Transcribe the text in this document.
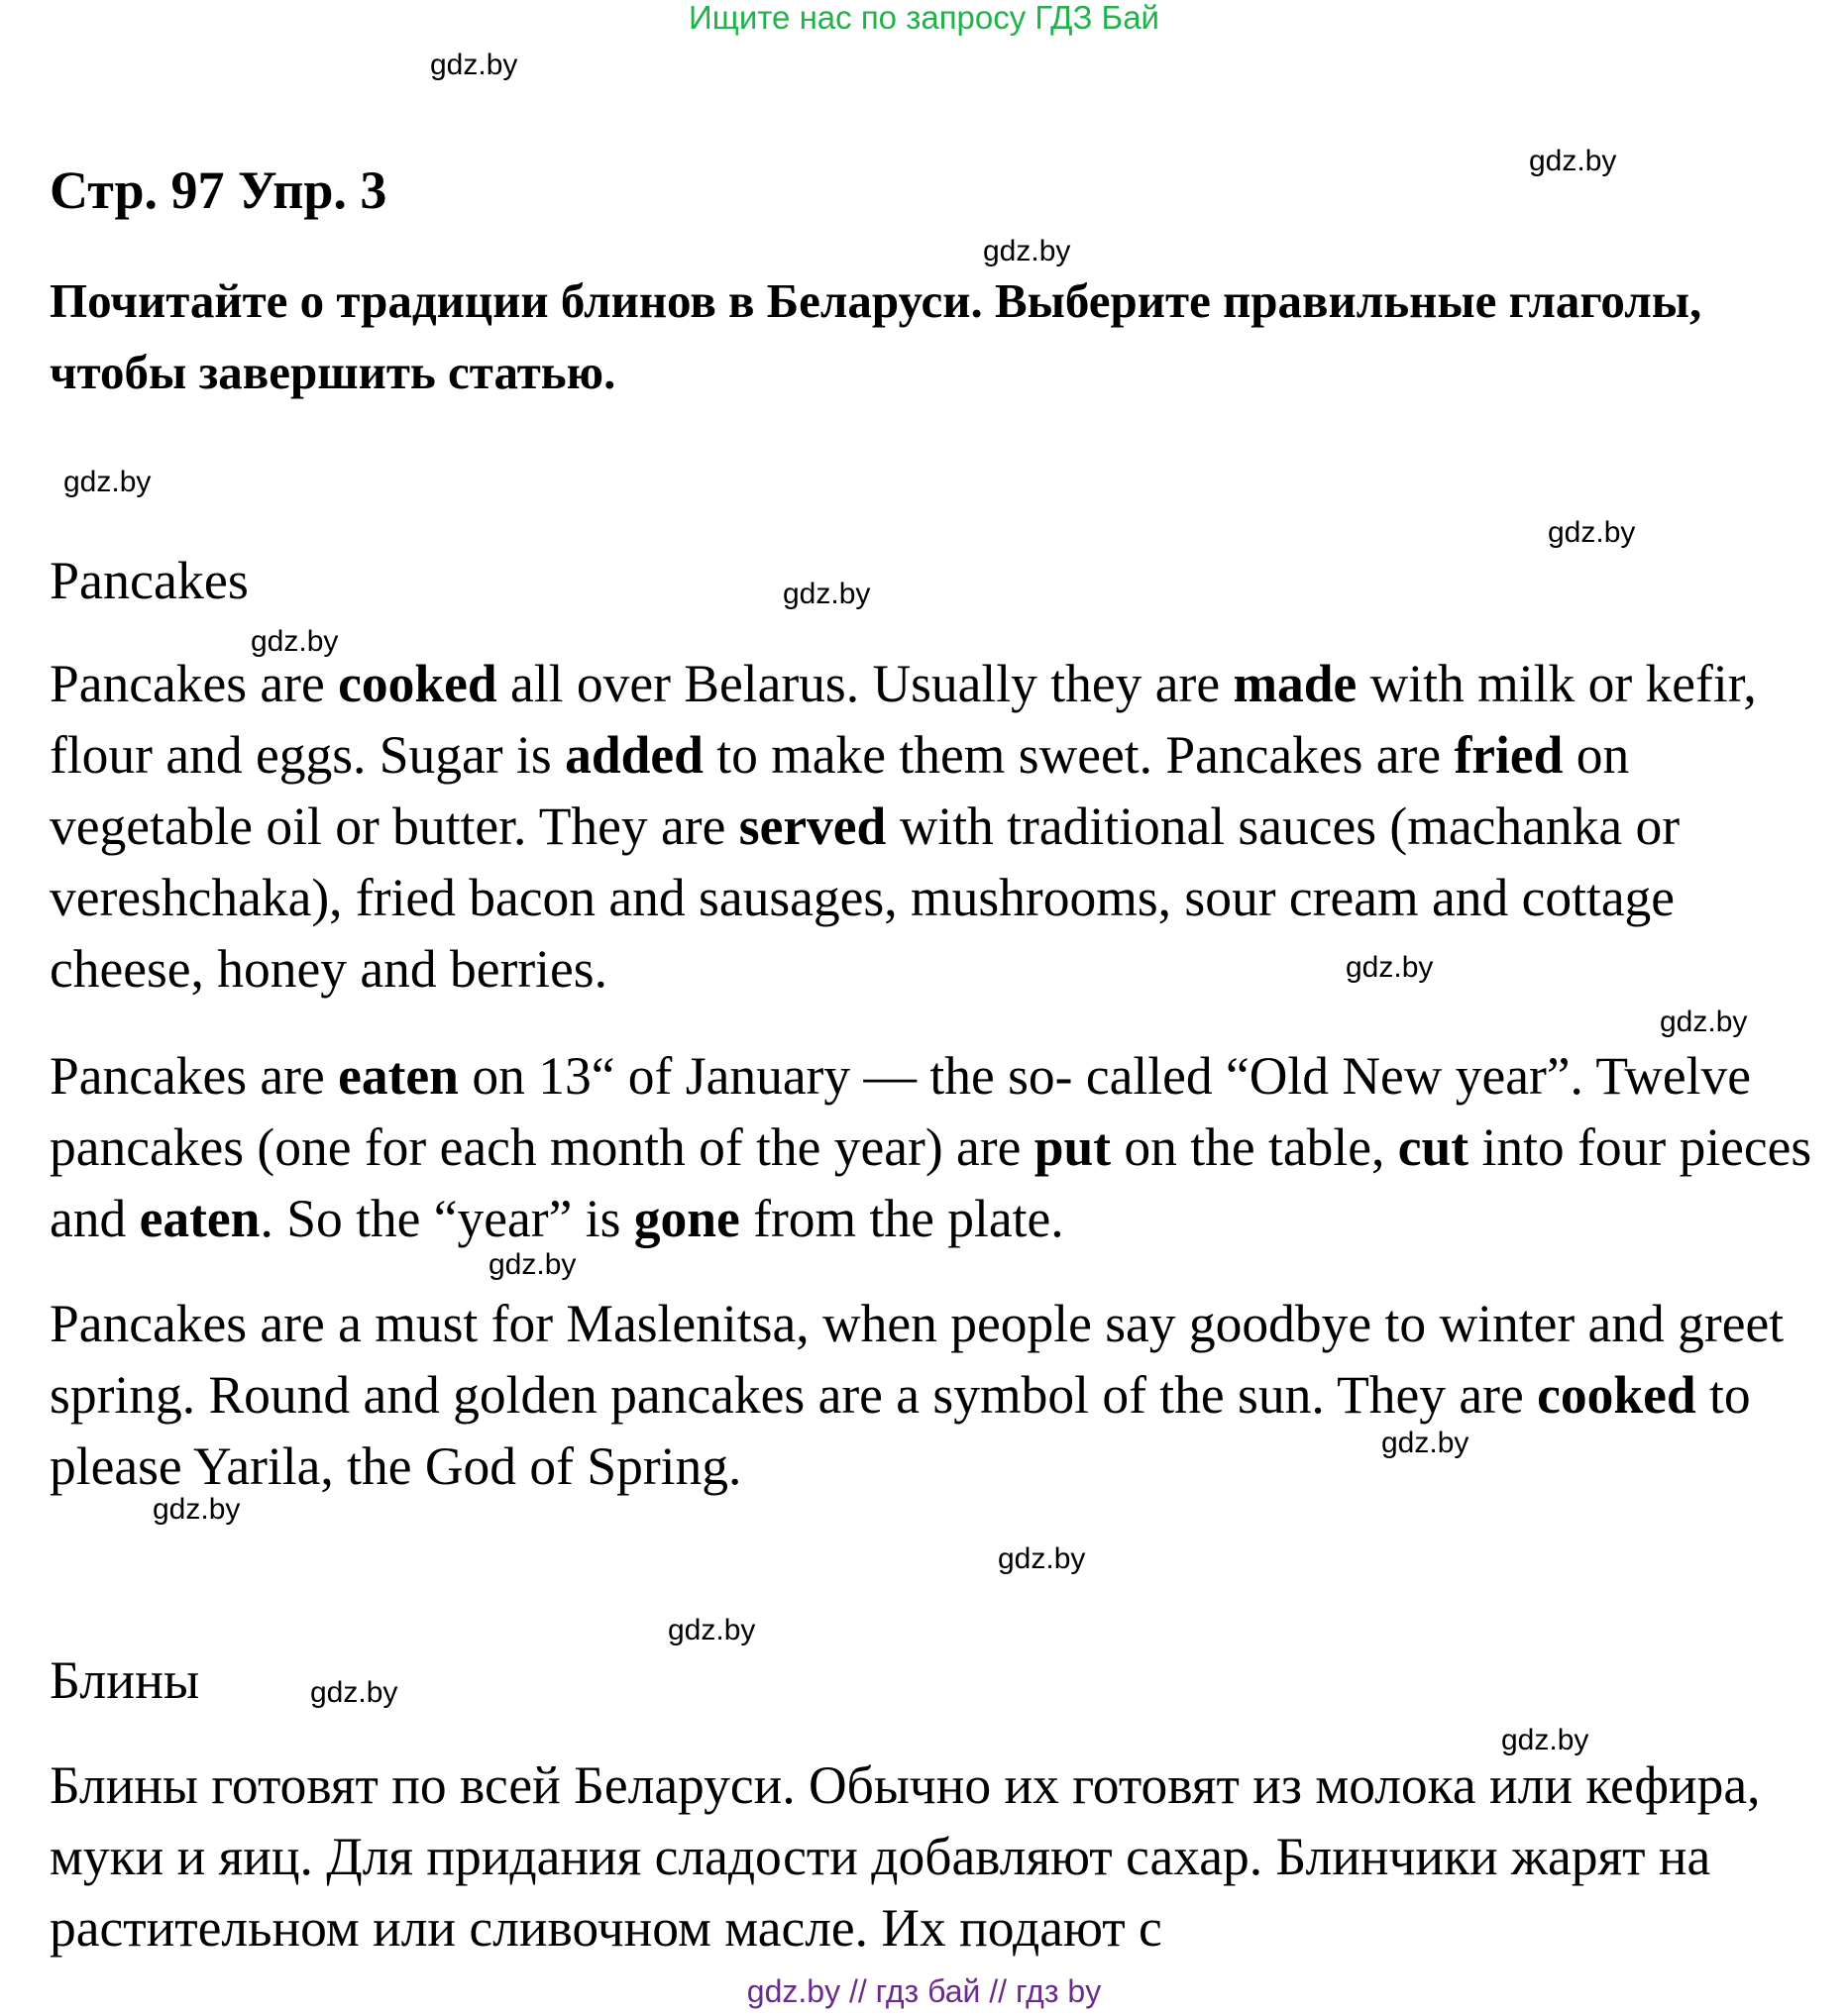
Ищите нас по запросу ГДЗ Бай
gdz.by
gdz.by
gdz.by
gdz.by
gdz.by
gdz.by
gdz.by
gdz.by
gdz.by
gdz.by
gdz.by
gdz.by
gdz.by
gdz.by
gdz.by
gdz.by
Стр. 97 Упр. 3
Почитайте о традиции блинов в Беларуси. Выберите правильные глаголы, чтобы завершить статью.
Pancakes

Pancakes are cooked all over Belarus. Usually they are made with milk or kefir, flour and eggs. Sugar is added to make them sweet. Pancakes are fried on vegetable oil or butter. They are served with traditional sauces (machanka or vereshchaka), fried bacon and sausages, mushrooms, sour cream and cottage cheese, honey and berries.

Pancakes are eaten on 13“ of January — the so- called “Old New year”. Twelve pancakes (one for each month of the year) are put on the table, cut into four pieces and eaten. So the “year” is gone from the plate.

Pancakes are a must for Maslenitsa, when people say goodbye to winter and greet spring. Round and golden pancakes are a symbol of the sun. They are cooked to please Yarila, the God of Spring.

Блины

Блины готовят по всей Беларуси. Обычно их готовят из молока или кефира, муки и яиц. Для придания сладости добавляют сахар. Блинчики жарят на растительном или сливочном масле. Их подают с

gdz.by // гдз бай // гдз by
